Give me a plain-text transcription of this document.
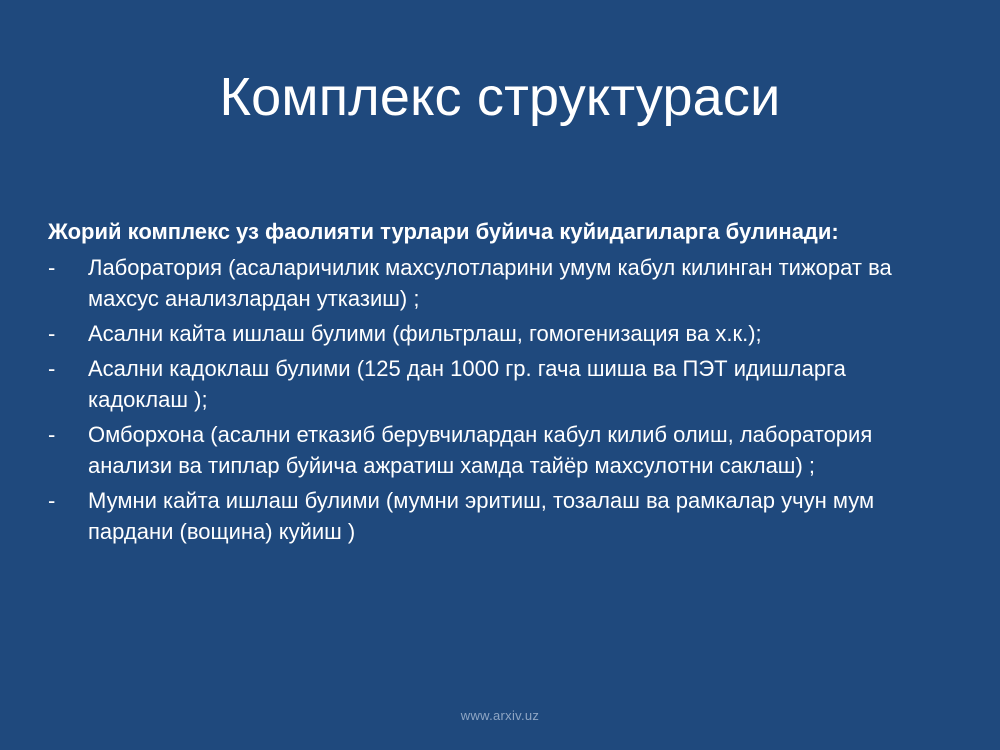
Комплекс структураси
Жорий комплекс уз фаолияти турлари буйича куйидагиларга булинади:
-	Лаборатория (асаларичилик махсулотларини умум кабул килинган тижорат ва махсус анализлардан утказиш) ;
-	Асални кайта ишлаш булими (фильтрлаш, гомогенизация ва х.к.);
-	Асални кадоклаш булими (125 дан 1000 гр. гача шиша ва ПЭТ идишларга кадоклаш );
-	Омборхона (асални етказиб берувчилардан кабул килиб олиш, лаборатория анализи ва типлар буйича ажратиш хамда тайёр махсулотни саклаш) ;
-	Мумни кайта ишлаш булими (мумни эритиш, тозалаш ва рамкалар учун мум пардани (вощина) куйиш )
www.arxiv.uz
